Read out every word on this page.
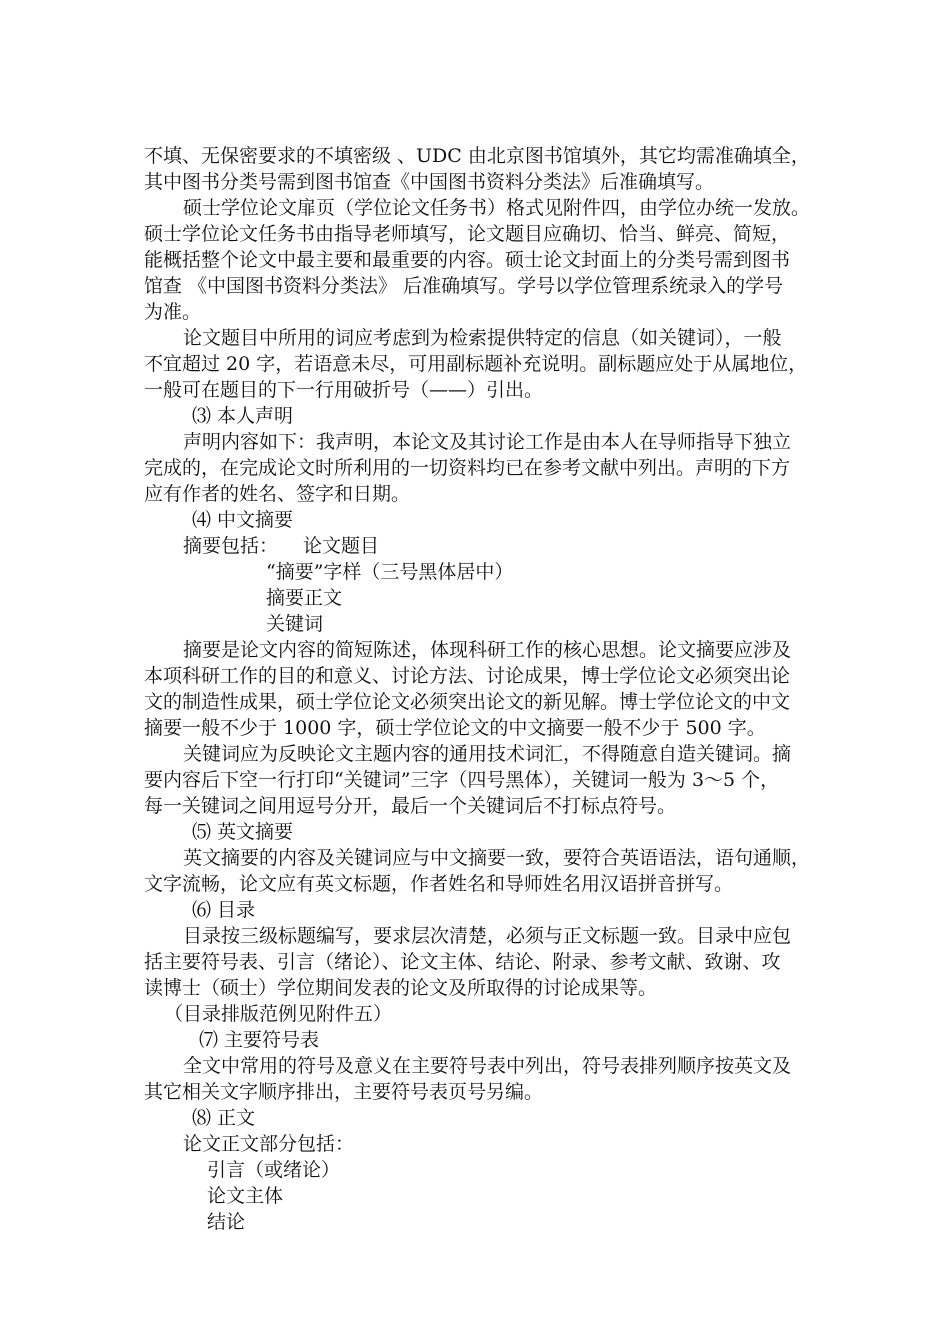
不填、无保密要求的不填密级 、UDC 由北京图书馆填外，其它均需准确填全，
其中图书分类号需到图书馆查《中国图书资料分类法》后准确填写。
硕士学位论文扉页（学位论文任务书）格式见附件四，由学位办统一发放。
硕士学位论文任务书由指导老师填写，论文题目应确切、恰当、鲜亮、简短，
能概括整个论文中最主要和最重要的内容。硕士论文封面上的分类号需到图书
馆查 《中国图书资料分类法》 后准确填写。学号以学位管理系统录入的学号
为准。
论文题目中所用的词应考虑到为检索提供特定的信息（如关键词），一般
不宜超过 20 字，若语意未尽，可用副标题补充说明。副标题应处于从属地位，
一般可在题目的下一行用破折号（——）引出。
⑶ 本人声明
声明内容如下：我声明，本论文及其讨论工作是由本人在导师指导下独立
完成的，在完成论文时所利用的一切资料均已在参考文献中列出。声明的下方
应有作者的姓名、签字和日期。
⑷ 中文摘要
摘要包括： 论文题目
“摘要”字样（三号黑体居中）
摘要正文
关键词
摘要是论文内容的简短陈述，体现科研工作的核心思想。论文摘要应涉及
本项科研工作的目的和意义、讨论方法、讨论成果，博士学位论文必须突出论
文的制造性成果，硕士学位论文必须突出论文的新见解。博士学位论文的中文
摘要一般不少于 1000 字，硕士学位论文的中文摘要一般不少于 500 字。
关键词应为反映论文主题内容的通用技术词汇，不得随意自造关键词。摘
要内容后下空一行打印“关键词”三字（四号黑体），关键词一般为 3～5 个，
每一关键词之间用逗号分开，最后一个关键词后不打标点符号。
⑸ 英文摘要
英文摘要的内容及关键词应与中文摘要一致，要符合英语语法，语句通顺，
文字流畅，论文应有英文标题，作者姓名和导师姓名用汉语拼音拼写。
⑹ 目录
目录按三级标题编写，要求层次清楚，必须与正文标题一致。目录中应包
括主要符号表、引言（绪论）、论文主体、结论、附录、参考文献、致谢、攻
读博士（硕士）学位期间发表的论文及所取得的讨论成果等。
（目录排版范例见附件五）
⑺ 主要符号表
全文中常用的符号及意义在主要符号表中列出，符号表排列顺序按英文及
其它相关文字顺序排出，主要符号表页号另编。
⑻ 正文
论文正文部分包括：
引言（或绪论）
论文主体
结论
